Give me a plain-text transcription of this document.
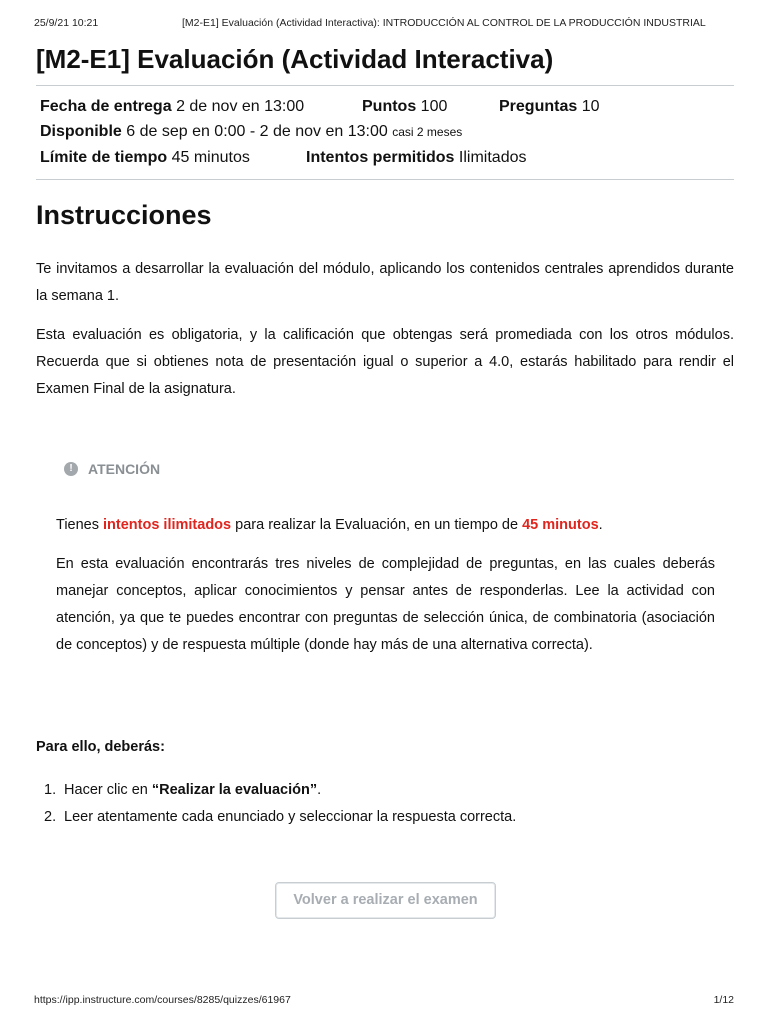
25/9/21 10:21	[M2-E1] Evaluación (Actividad Interactiva): INTRODUCCIÓN AL CONTROL DE LA PRODUCCIÓN INDUSTRIAL
[M2-E1] Evaluación (Actividad Interactiva)
Fecha de entrega 2 de nov en 13:00	Puntos 100	Preguntas 10
Disponible 6 de sep en 0:00 - 2 de nov en 13:00 casi 2 meses
Límite de tiempo 45 minutos	Intentos permitidos Ilimitados
Instrucciones

Te invitamos a desarrollar la evaluación del módulo, aplicando los contenidos centrales aprendidos durante la semana 1.

Esta evaluación es obligatoria, y la calificación que obtengas será promediada con los otros módulos. Recuerda que si obtienes nota de presentación igual o superior a 4.0, estarás habilitado para rendir el Examen Final de la asignatura.

!	ATENCIÓN

Tienes intentos ilimitados para realizar la Evaluación, en un tiempo de 45 minutos.

En esta evaluación encontrarás tres niveles de complejidad de preguntas, en las cuales deberás manejar conceptos, aplicar conocimientos y pensar antes de responderlas. Lee la actividad con atención, ya que te puedes encontrar con preguntas de selección única, de combinatoria (asociación de conceptos) y de respuesta múltiple (donde hay más de una alternativa correcta).

Para ello, deberás:
1. Hacer clic en “Realizar la evaluación”.
2. Leer atentamente cada enunciado y seleccionar la respuesta correcta.
Volver a realizar el examen
https://ipp.instructure.com/courses/8285/quizzes/61967	1/12
